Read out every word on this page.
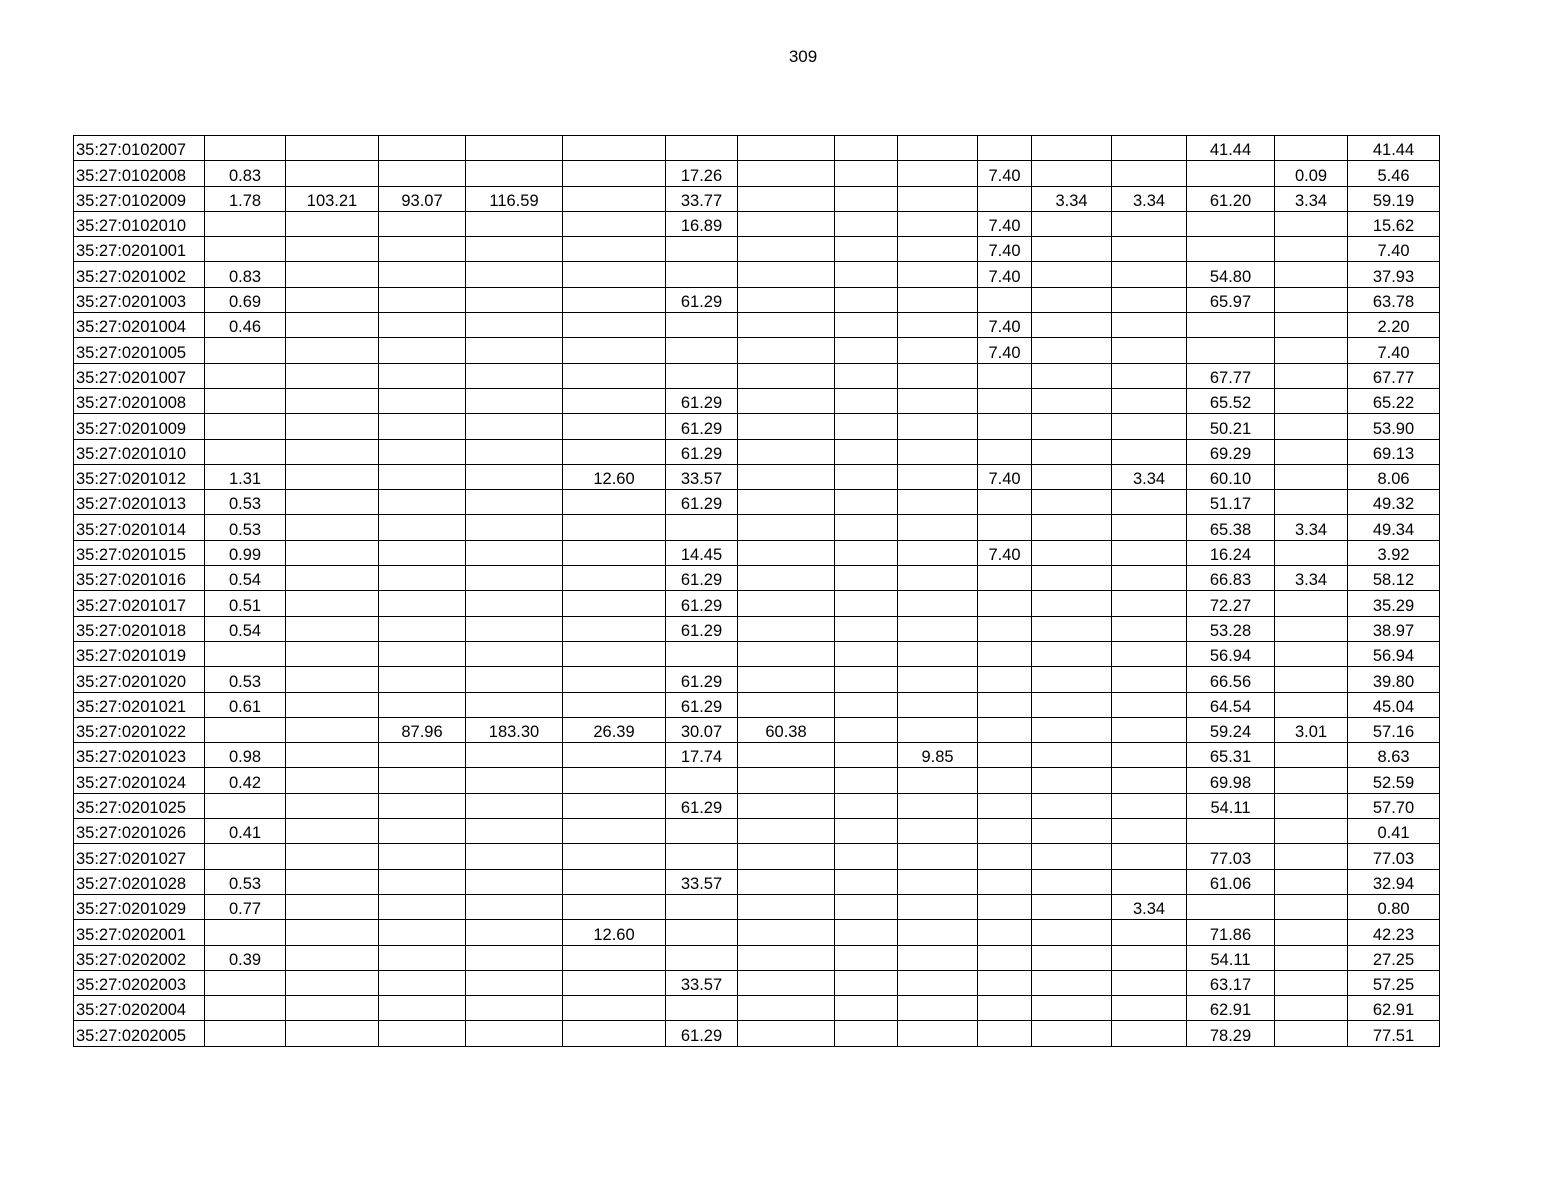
309
35:27:0102007													41.44		41.44
35:27:0102008	0.83					17.26				7.40				0.09	5.46
35:27:0102009	1.78	103.21	93.07	116.59		33.77					3.34	3.34	61.20	3.34	59.19
35:27:0102010						16.89				7.40					15.62
35:27:0201001										7.40					7.40
35:27:0201002	0.83									7.40			54.80		37.93
35:27:0201003	0.69					61.29							65.97		63.78
35:27:0201004	0.46									7.40					2.20
35:27:0201005										7.40					7.40
35:27:0201007													67.77		67.77
35:27:0201008						61.29							65.52		65.22
35:27:0201009						61.29							50.21		53.90
35:27:0201010						61.29							69.29		69.13
35:27:0201012	1.31				12.60	33.57				7.40		3.34	60.10		8.06
35:27:0201013	0.53					61.29							51.17		49.32
35:27:0201014	0.53												65.38	3.34	49.34
35:27:0201015	0.99					14.45				7.40			16.24		3.92
35:27:0201016	0.54					61.29							66.83	3.34	58.12
35:27:0201017	0.51					61.29							72.27		35.29
35:27:0201018	0.54					61.29							53.28		38.97
35:27:0201019													56.94		56.94
35:27:0201020	0.53					61.29							66.56		39.80
35:27:0201021	0.61					61.29							64.54		45.04
35:27:0201022			87.96	183.30	26.39	30.07	60.38						59.24	3.01	57.16
35:27:0201023	0.98					17.74			9.85				65.31		8.63
35:27:0201024	0.42												69.98		52.59
35:27:0201025						61.29							54.11		57.70
35:27:0201026	0.41														0.41
35:27:0201027													77.03		77.03
35:27:0201028	0.53					33.57							61.06		32.94
35:27:0201029	0.77											3.34			0.80
35:27:0202001					12.60								71.86		42.23
35:27:0202002	0.39												54.11		27.25
35:27:0202003						33.57							63.17		57.25
35:27:0202004													62.91		62.91
35:27:0202005						61.29							78.29		77.51
